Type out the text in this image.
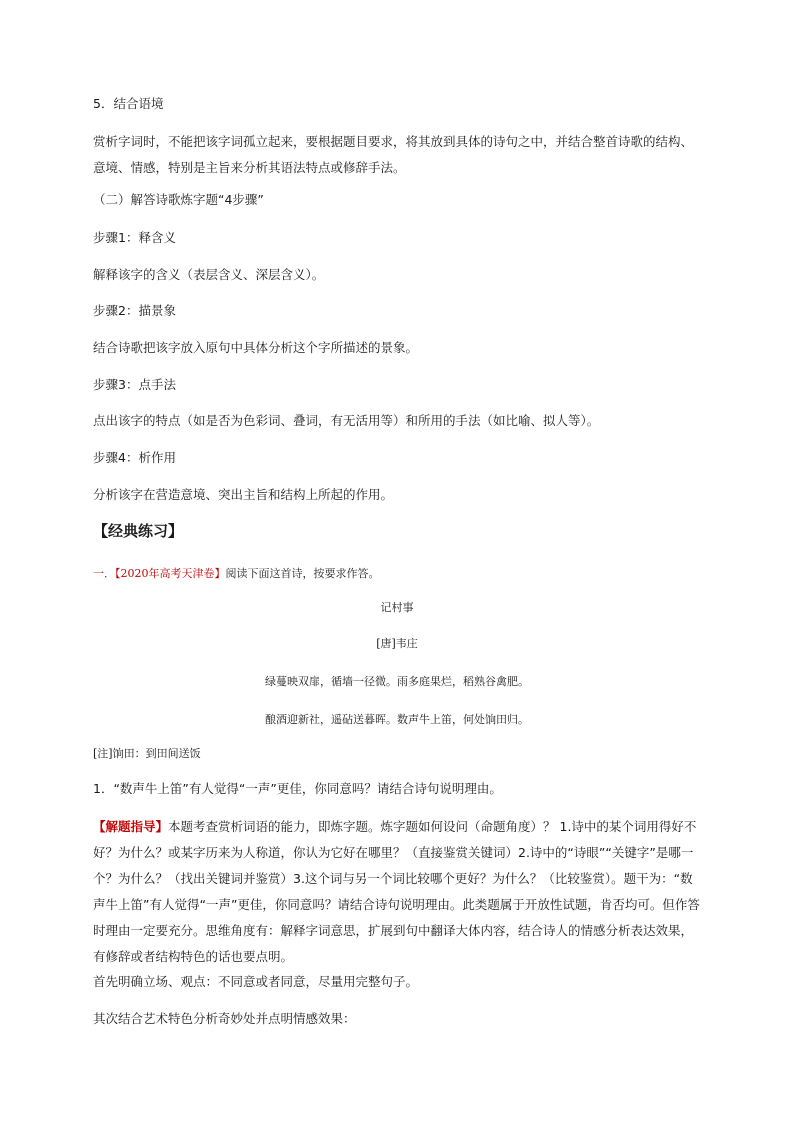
5．结合语境
赏析字词时，不能把该字词孤立起来，要根据题目要求，将其放到具体的诗句之中，并结合整首诗歌的结构、意境、情感，特别是主旨来分析其语法特点或修辞手法。
（二）解答诗歌炼字题“4步骤”
步骤1：释含义
解释该字的含义（表层含义、深层含义）。
步骤2：描景象
结合诗歌把该字放入原句中具体分析这个字所描述的景象。
步骤3：点手法
点出该字的特点（如是否为色彩词、叠词，有无活用等）和所用的手法（如比喻、拟人等）。
步骤4：析作用
分析该字在营造意境、突出主旨和结构上所起的作用。
【经典练习】
一．【2020年高考天津卷】阅读下面这首诗，按要求作答。
记村事
[唐]韦庄
绿蔓映双扉，循墙一径微。雨多庭果烂，稻熟谷禽肥。
酿酒迎新社，遥砧送暮晖。数声牛上笛，何处饷田归。
[注]饷田：到田间送饭
1．“数声牛上笛”有人觉得“一声”更佳，你同意吗？请结合诗句说明理由。
【解题指导】本题考查赏析词语的能力，即炼字题。炼字题如何设问（命题角度）？ 1.诗中的某个词用得好不好？为什么？或某字历来为人称道，你认为它好在哪里？（直接鉴赏关键词）2.诗中的“诗眼”“关键字”是哪一个？为什么？（找出关键词并鉴赏）3.这个词与另一个词比较哪个更好？为什么？（比较鉴赏）。题干为：“数声牛上笛”有人觉得“一声”更佳，你同意吗？请结合诗句说明理由。此类题属于开放性试题，肯否均可。但作答时理由一定要充分。思维角度有：解释字词意思，扩展到句中翻译大体内容，结合诗人的情感分析表达效果，有修辞或者结构特色的话也要点明。
首先明确立场、观点：不同意或者同意，尽量用完整句子。
其次结合艺术特色分析奇妙处并点明情感效果：
